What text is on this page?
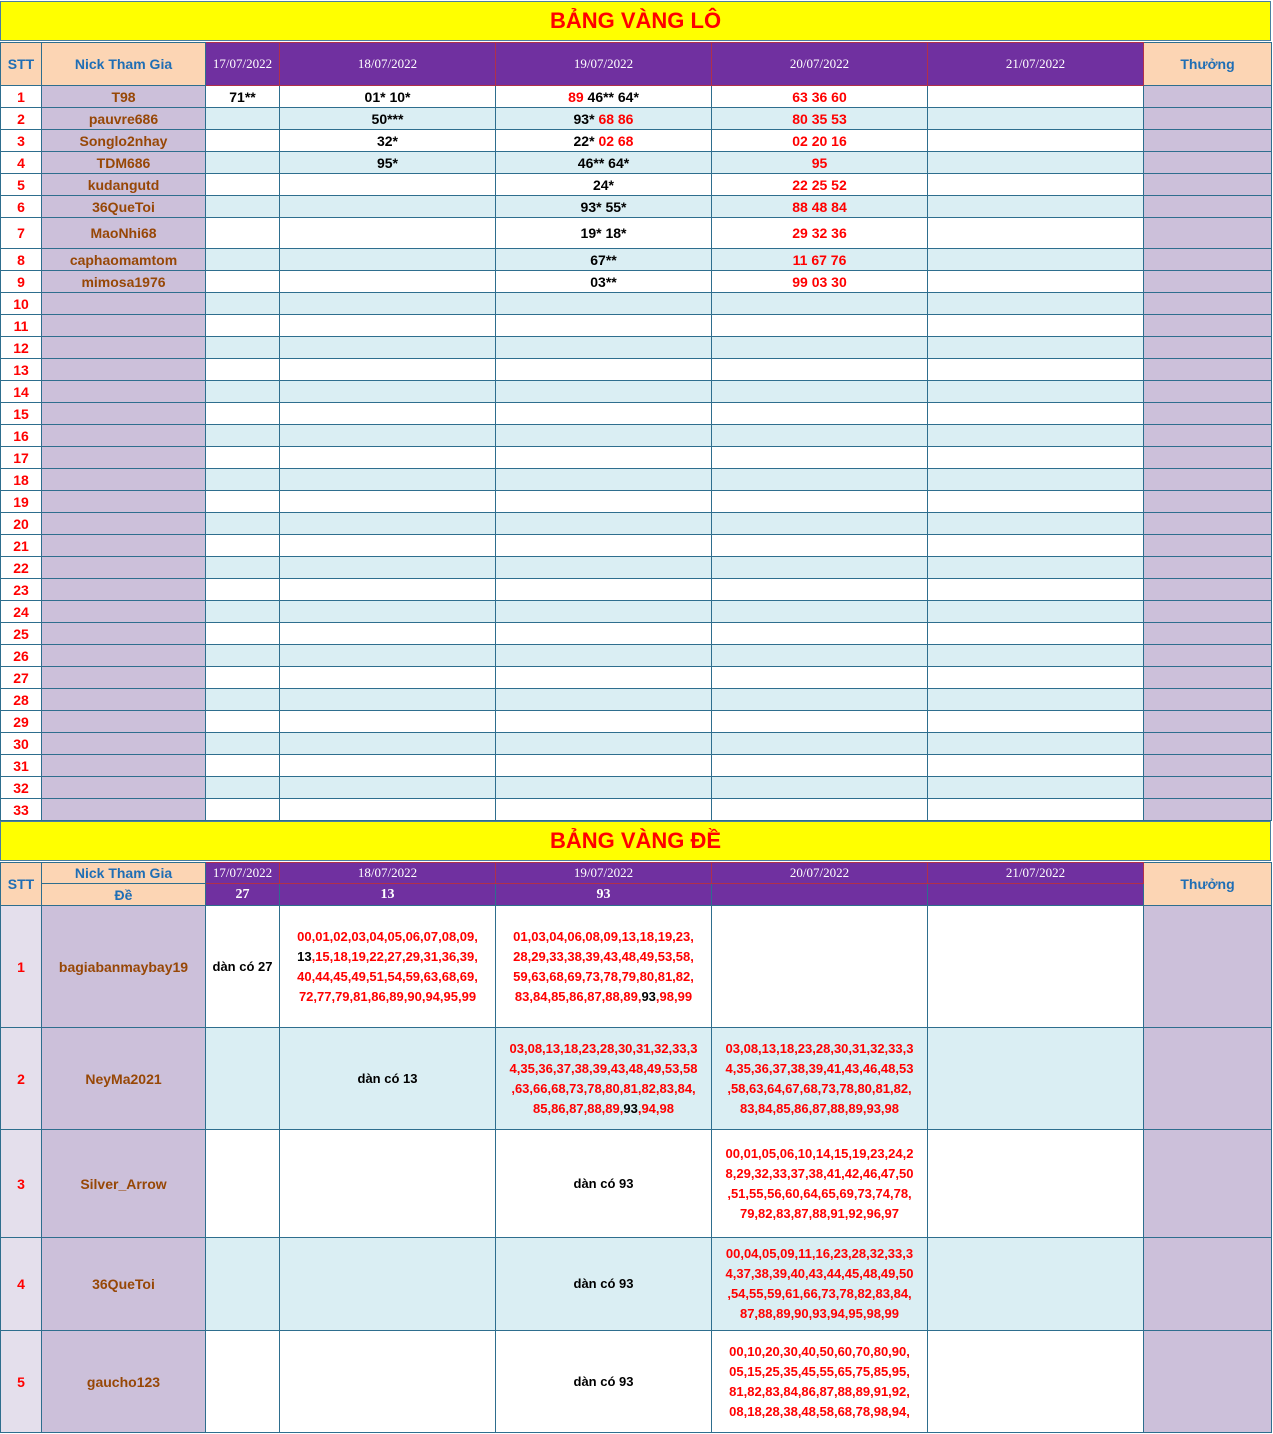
BẢNG VÀNG LÔ
STT	Nick Tham Gia	17/07/2022	18/07/2022	19/07/2022	20/07/2022	21/07/2022	Thưởng
1	T98	71**	01* 10*	89 46** 64*	63 36 60		
2	pauvre686		50***	93* 68 86	80 35 53		
3	Songlo2nhay		32*	22* 02 68	02 20 16		
4	TDM686		95*	46** 64*	95		
5	kudangutd			24*	22 25 52		
6	36QueToi			93* 55*	88 48 84		
7	MaoNhi68			19* 18*	29 32 36		
8	caphaomamtom			67**	11 67 76		
9	mimosa1976			03**	99 03 30		
10							
11							
12							
13							
14							
15							
16							
17							
18							
19							
20							
21							
22							
23							
24							
25							
26							
27							
28							
29							
30							
31							
32							
33							
BẢNG VÀNG ĐỀ
STT	Nick Tham Gia	17/07/2022	18/07/2022	19/07/2022	20/07/2022	21/07/2022	Thưởng
	Đề	27	13	93			
1	bagiabanmaybay19	dàn có 27	00,01,02,03,04,05,06,07,08,09,
13,15,18,19,22,27,29,31,36,39,
40,44,45,49,51,54,59,63,68,69,
72,77,79,81,86,89,90,94,95,99	01,03,04,06,08,09,13,18,19,23,
28,29,33,38,39,43,48,49,53,58,
59,63,68,69,73,78,79,80,81,82,
83,84,85,86,87,88,89,93,98,99			
2	NeyMa2021		dàn có 13	03,08,13,18,23,28,30,31,32,33,3
4,35,36,37,38,39,43,48,49,53,58
,63,66,68,73,78,80,81,82,83,84,
85,86,87,88,89,93,94,98	03,08,13,18,23,28,30,31,32,33,3
4,35,36,37,38,39,41,43,46,48,53
,58,63,64,67,68,73,78,80,81,82,
83,84,85,86,87,88,89,93,98		
3	Silver_Arrow			dàn có 93	00,01,05,06,10,14,15,19,23,24,2
8,29,32,33,37,38,41,42,46,47,50
,51,55,56,60,64,65,69,73,74,78,
79,82,83,87,88,91,92,96,97		
4	36QueToi			dàn có 93	00,04,05,09,11,16,23,28,32,33,3
4,37,38,39,40,43,44,45,48,49,50
,54,55,59,61,66,73,78,82,83,84,
87,88,89,90,93,94,95,98,99		
5	gaucho123			dàn có 93	00,10,20,30,40,50,60,70,80,90,
05,15,25,35,45,55,65,75,85,95,
81,82,83,84,86,87,88,89,91,92,
08,18,28,38,48,58,68,78,98,94,		
